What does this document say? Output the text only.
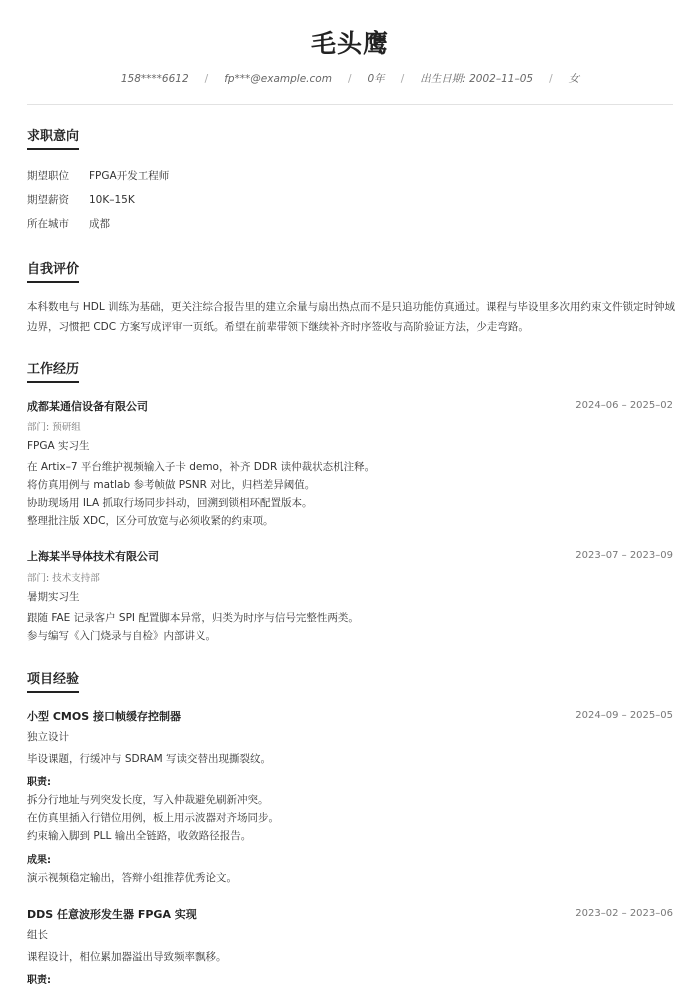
毛头鹰
158****6612 / fp***@example.com / 0年 / 出生日期: 2002–11–05 / 女
求职意向
期望职位 FPGA开发工程师
期望薪资 10K–15K
所在城市 成都
自我评价
本科数电与 HDL 训练为基础，更关注综合报告里的建立余量与扇出热点而不是只追功能仿真通过。课程与毕设里多次用约束文件锁定时钟域边界，习惯把 CDC 方案写成评审一页纸。希望在前辈带领下继续补齐时序签收与高阶验证方法，少走弯路。
工作经历
成都某通信设备有限公司	2024–06 – 2025–02
部门: 预研组
FPGA 实习生
在 Artix–7 平台维护视频输入子卡 demo，补齐 DDR 读仲裁状态机注释。
将仿真用例与 matlab 参考帧做 PSNR 对比，归档差异阈值。
协助现场用 ILA 抓取行场同步抖动，回溯到锁相环配置版本。
整理批注版 XDC，区分可放宽与必须收紧的约束项。
上海某半导体技术有限公司	2023–07 – 2023–09
部门: 技术支持部
暑期实习生
跟随 FAE 记录客户 SPI 配置脚本异常，归类为时序与信号完整性两类。
参与编写《入门烧录与自检》内部讲义。
项目经验
小型 CMOS 接口帧缓存控制器	2024–09 – 2025–05
独立设计
毕设课题，行缓冲与 SDRAM 写读交替出现撕裂纹。
职责:
拆分行地址与列突发长度，写入仲裁避免刷新冲突。
在仿真里插入行错位用例，板上用示波器对齐场同步。
约束输入脚到 PLL 输出全链路，收敛路径报告。
成果:
演示视频稳定输出，答辩小组推荐优秀论文。
DDS 任意波形发生器 FPGA 实现	2023–02 – 2023–06
组长
课程设计，相位累加器溢出导致频率飘移。
职责:
